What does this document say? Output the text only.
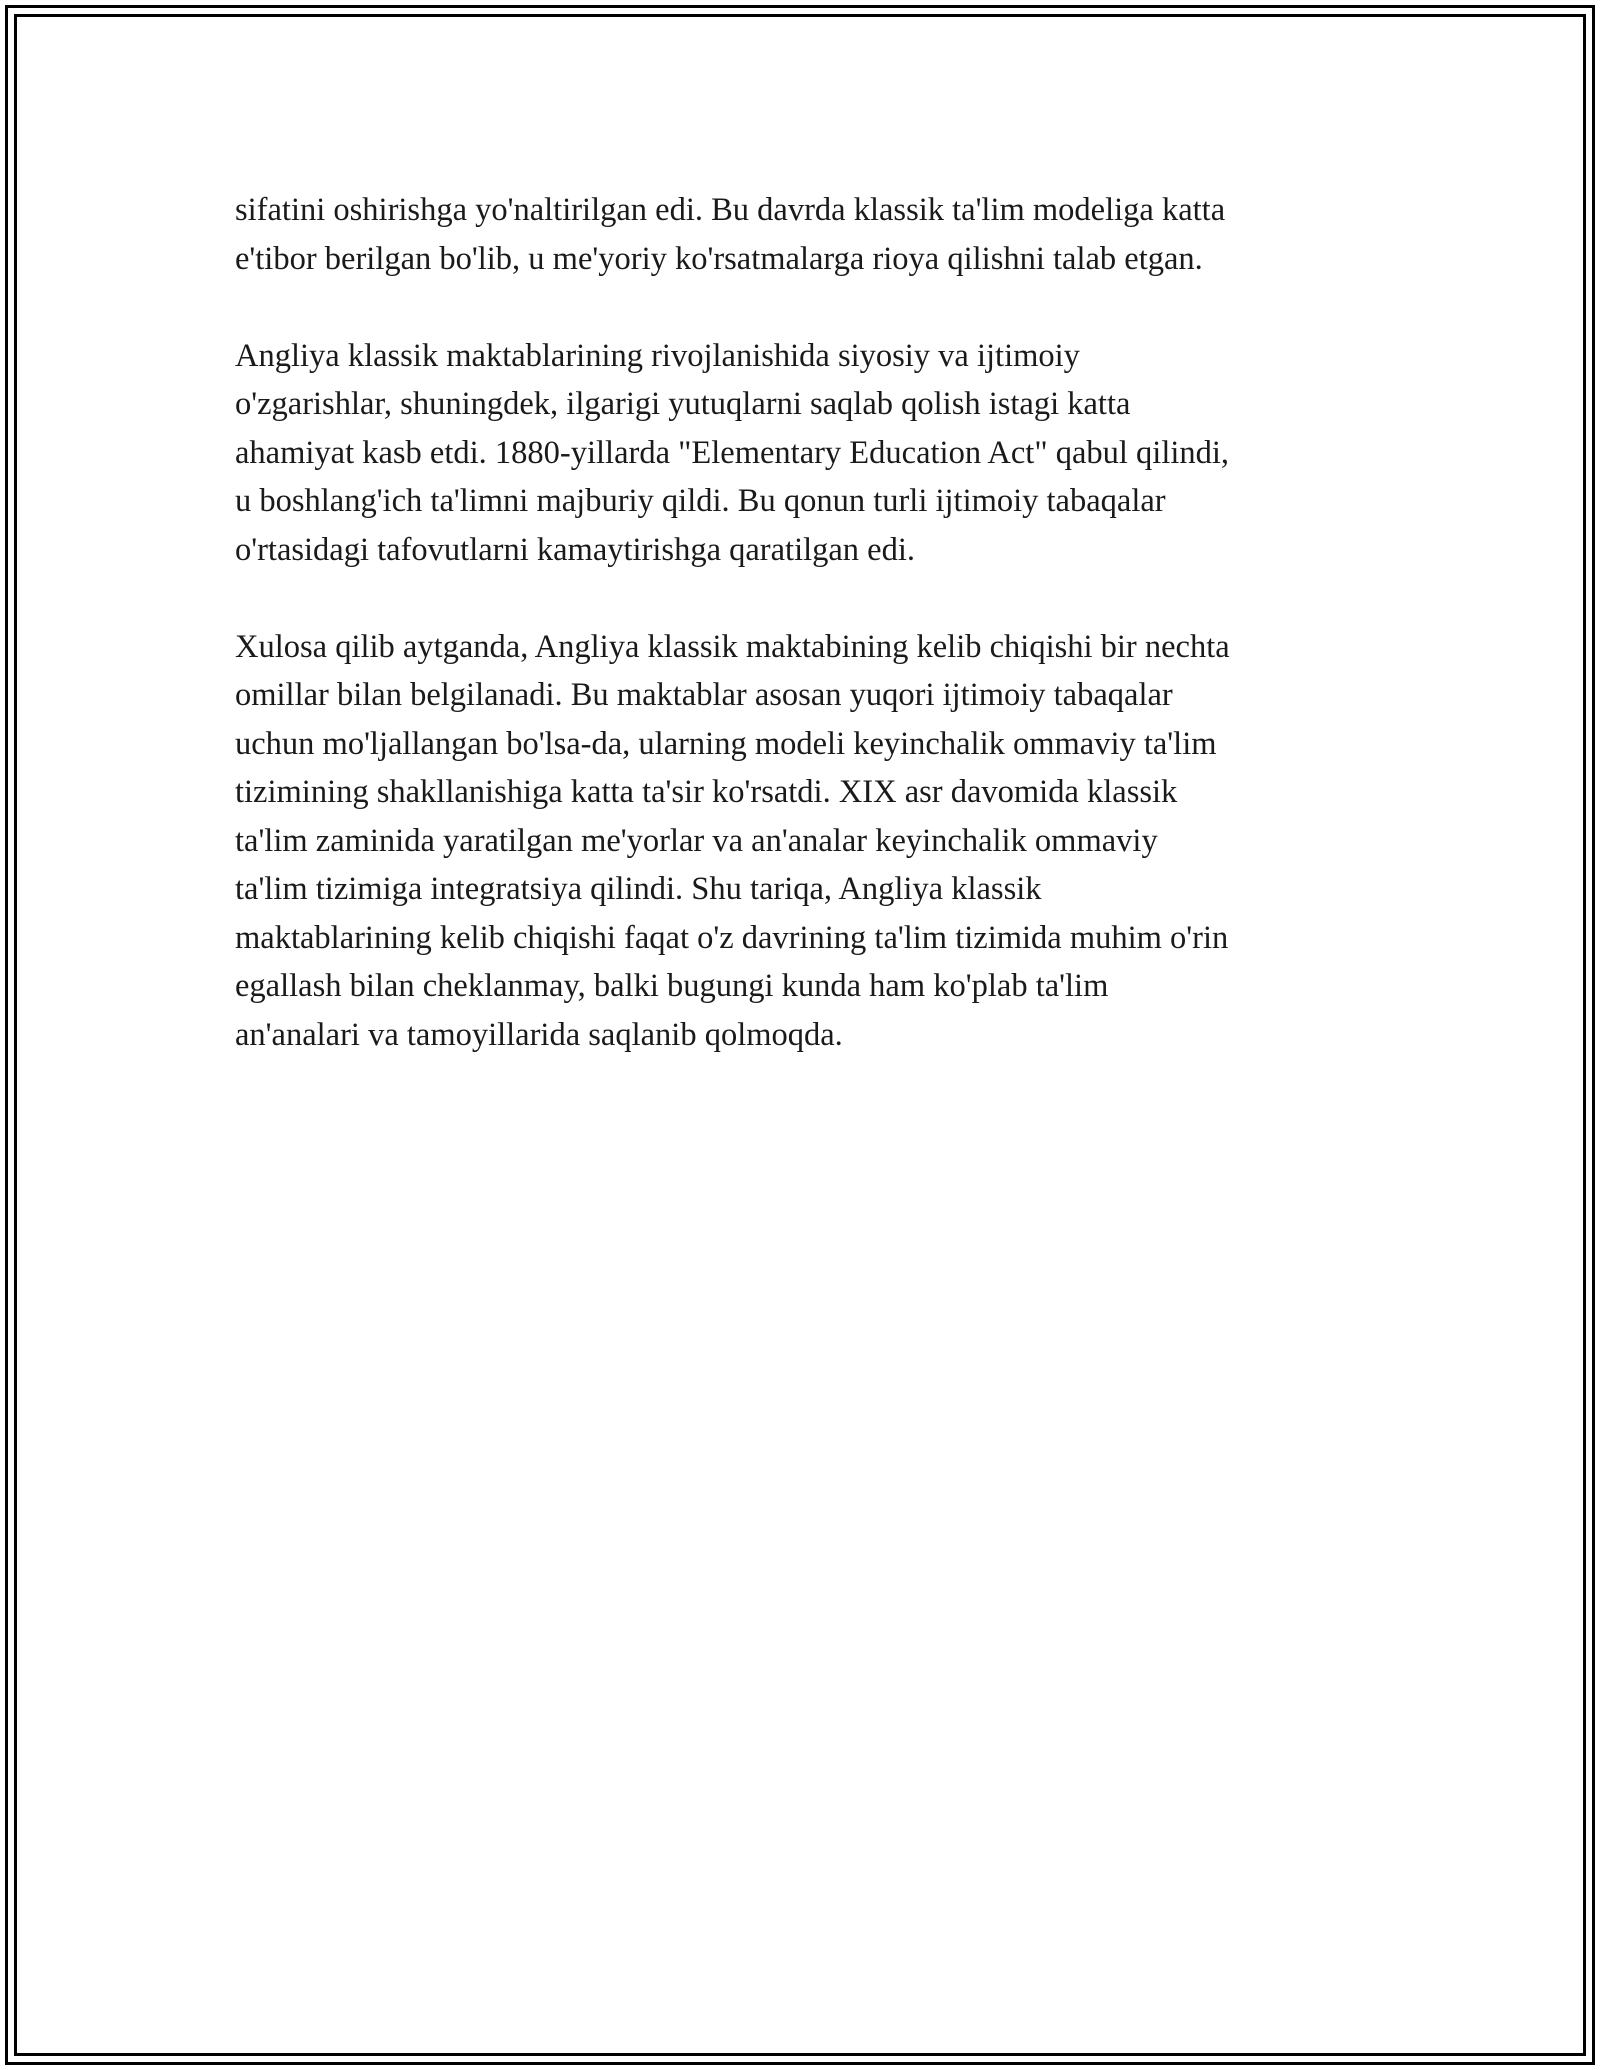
sifatini oshirishga yo'naltirilgan edi. Bu davrda klassik ta'lim modeliga katta
e'tibor berilgan bo'lib, u me'yoriy ko'rsatmalarga rioya qilishni talab etgan.

Angliya klassik maktablarining rivojlanishida siyosiy va ijtimoiy
o'zgarishlar, shuningdek, ilgarigi yutuqlarni saqlab qolish istagi katta
ahamiyat kasb etdi. 1880-yillarda "Elementary Education Act" qabul qilindi,
u boshlang'ich ta'limni majburiy qildi. Bu qonun turli ijtimoiy tabaqalar
o'rtasidagi tafovutlarni kamaytirishga qaratilgan edi.

Xulosa qilib aytganda, Angliya klassik maktabining kelib chiqishi bir nechta
omillar bilan belgilanadi. Bu maktablar asosan yuqori ijtimoiy tabaqalar
uchun mo'ljallangan bo'lsa-da, ularning modeli keyinchalik ommaviy ta'lim
tizimining shakllanishiga katta ta'sir ko'rsatdi. XIX asr davomida klassik
ta'lim zaminida yaratilgan me'yorlar va an'analar keyinchalik ommaviy
ta'lim tizimiga integratsiya qilindi. Shu tariqa, Angliya klassik
maktablarining kelib chiqishi faqat o'z davrining ta'lim tizimida muhim o'rin
egallash bilan cheklanmay, balki bugungi kunda ham ko'plab ta'lim
an'analari va tamoyillarida saqlanib qolmoqda.
